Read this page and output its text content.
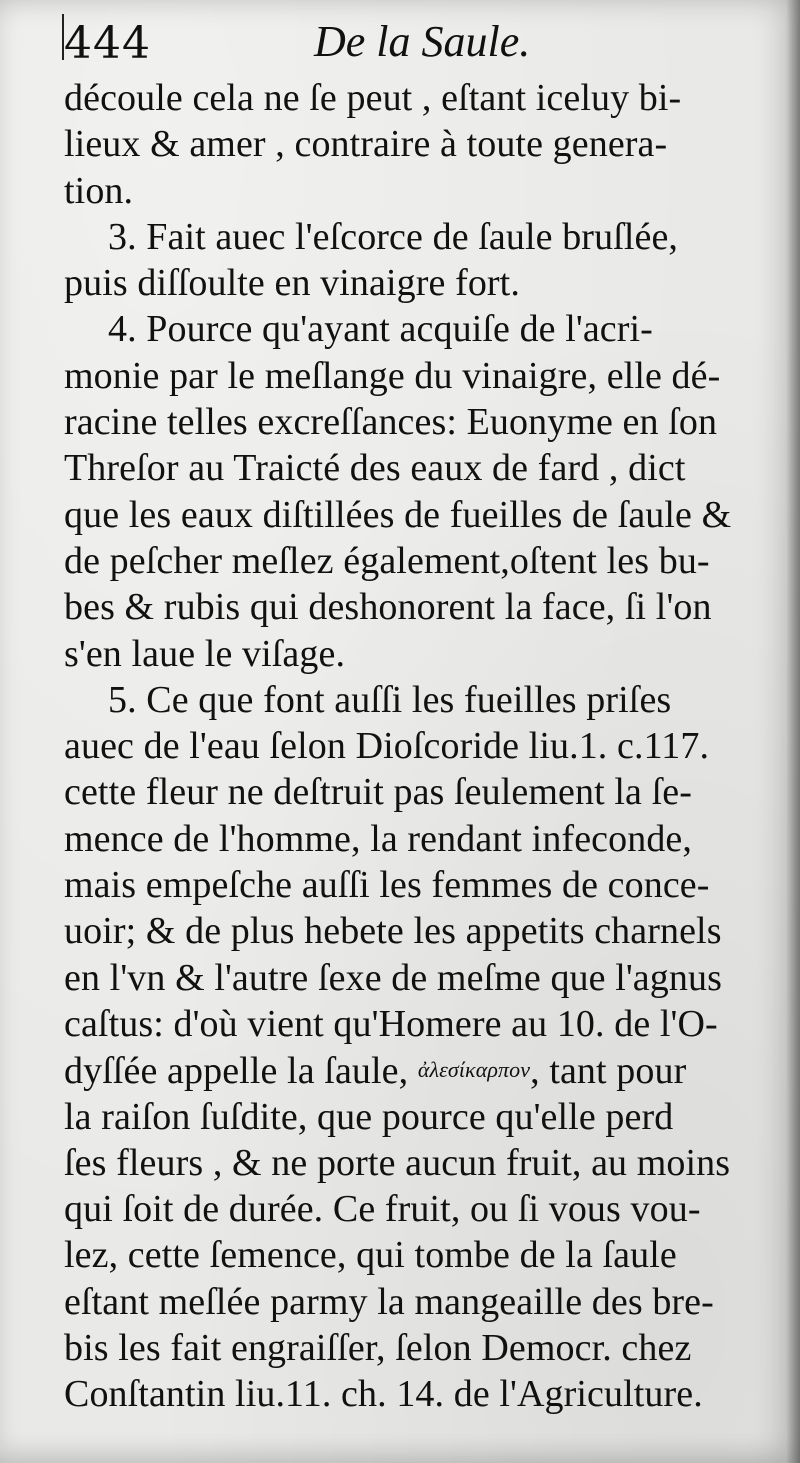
444	De la Saule.
découle cela ne ſe peut , eſtant iceluy bi-
lieux & amer , contraire à toute genera-
tion.
3. Fait auec l'eſcorce de ſaule bruſlée,
puis diſſoulte en vinaigre fort.
4. Pource qu'ayant acquiſe de l'acri-
monie par le meſlange du vinaigre, elle dé-
racine telles excreſſances: Euonyme en ſon
Threſor au Traicté des eaux de fard , dict
que les eaux diſtillées de fueilles de ſaule &
de peſcher meſlez également,oſtent les bu-
bes & rubis qui deshonorent la face, ſi l'on
s'en laue le viſage.
5. Ce que font auſſi les fueilles priſes
auec de l'eau ſelon Dioſcoride liu.1. c.117.
cette fleur ne deſtruit pas ſeulement la ſe-
mence de l'homme, la rendant infeconde,
mais empeſche auſſi les femmes de conce-
uoir; & de plus hebete les appetits charnels
en l'vn & l'autre ſexe de meſme que l'agnus
caſtus: d'où vient qu'Homere au 10. de l'O-
dyſſée appelle la ſaule, ἀλεσίκαρπον, tant pour
la raiſon ſuſdite, que pource qu'elle perd
ſes fleurs , & ne porte aucun fruit, au moins
qui ſoit de durée. Ce fruit, ou ſi vous vou-
lez, cette ſemence, qui tombe de la ſaule
eſtant meſlée parmy la mangeaille des bre-
bis les fait engraiſſer, ſelon Democr. chez
Conſtantin liu.11. ch. 14. de l'Agriculture.
